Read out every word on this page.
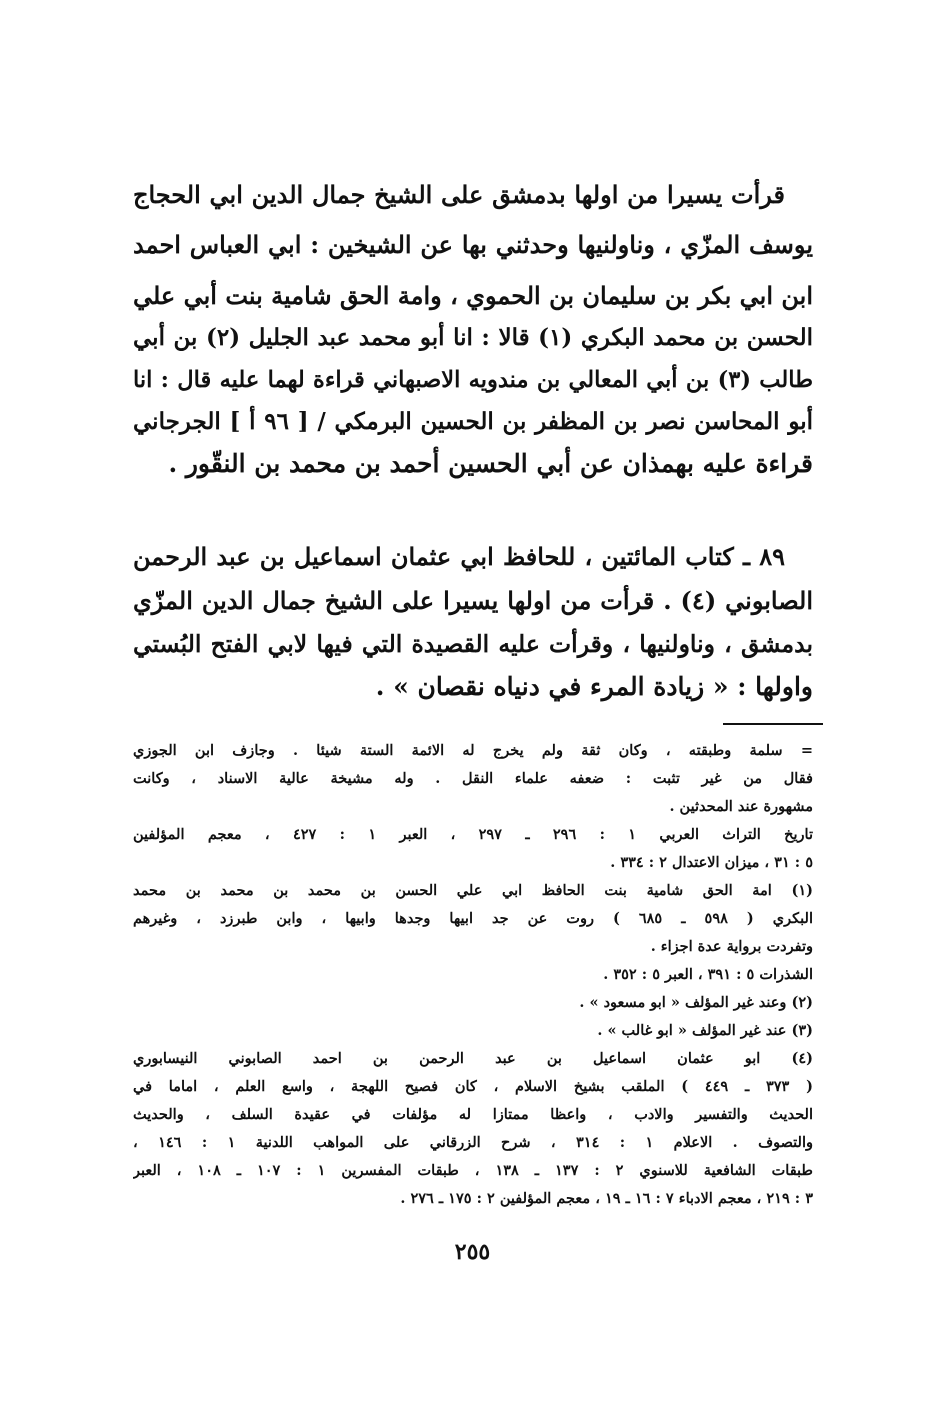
قرأت يسيرا من اولها بدمشق على الشيخ جمال الدين ابي الحجاج
يوسف المزّي ، وناولنيها وحدثني بها عن الشيخين : ابي العباس احمد
ابن ابي بكر بن سليمان بن الحموي ، وامة الحق شامية بنت أبي علي
الحسن بن محمد البكري (١) قالا : انا أبو محمد عبد الجليل (٢) بن أبي
طالب (٣) بن أبي المعالي بن مندويه الاصبهاني قراءة لهما عليه قال : انا
أبو المحاسن نصر بن المظفر بن الحسين البرمكي / [ ٩٦ أ ] الجرجاني
قراءة عليه بهمذان عن أبي الحسين أحمد بن محمد بن النقّور .
٨٩ ـ كتاب المائتين ، للحافظ ابي عثمان اسماعيل بن عبد الرحمن
الصابوني (٤) . قرأت من اولها يسيرا على الشيخ جمال الدين المزّي
بدمشق ، وناولنيها ، وقرأت عليه القصيدة التي فيها لابي الفتح البُستي
واولها : « زيادة المرء في دنياه نقصان » .
= سلمة وطبقته ، وكان ثقة ولم يخرج له الائمة الستة شيئا . وجازف ابن الجوزي
فقال من غير تثبت : ضعفه علماء النقل . وله مشيخة عالية الاسناد ، وكانت
مشهورة عند المحدثين .
تاريخ التراث العربي ١ : ٢٩٦ ـ ٢٩٧ ، العبر ١ : ٤٢٧ ، معجم المؤلفين
٥ : ٣١ ، ميزان الاعتدال ٢ : ٣٣٤ .
(١) امة الحق شامية بنت الحافظ ابي علي الحسن بن محمد بن محمد بن محمد
البكري ( ٥٩٨ ـ ٦٨٥ ) روت عن جد ابيها وجدها وابيها ، وابن طبرزد ، وغيرهم
وتفردت برواية عدة اجزاء .
الشذرات ٥ : ٣٩١ ، العبر ٥ : ٣٥٢ .
(٢) وعند غير المؤلف « ابو مسعود » .
(٣) عند غير المؤلف « ابو غالب » .
(٤) ابو عثمان اسماعيل بن عبد الرحمن بن احمد الصابوني النيسابوري
( ٣٧٣ ـ ٤٤٩ ) الملقب بشيخ الاسلام ، كان فصيح اللهجة ، واسع العلم ، اماما في
الحديث والتفسير والادب ، واعظا ممتازا له مؤلفات في عقيدة السلف ، والحديث
والتصوف . الاعلام ١ : ٣١٤ ، شرح الزرقاني على المواهب اللدنية ١ : ١٤٦ ،
طبقات الشافعية للاسنوي ٢ : ١٣٧ ـ ١٣٨ ، طبقات المفسرين ١ : ١٠٧ ـ ١٠٨ ، العبر
٣ : ٢١٩ ، معجم الادباء ٧ : ١٦ ـ ١٩ ، معجم المؤلفين ٢ : ١٧٥ ـ ٢٧٦ .
٢٥٥
